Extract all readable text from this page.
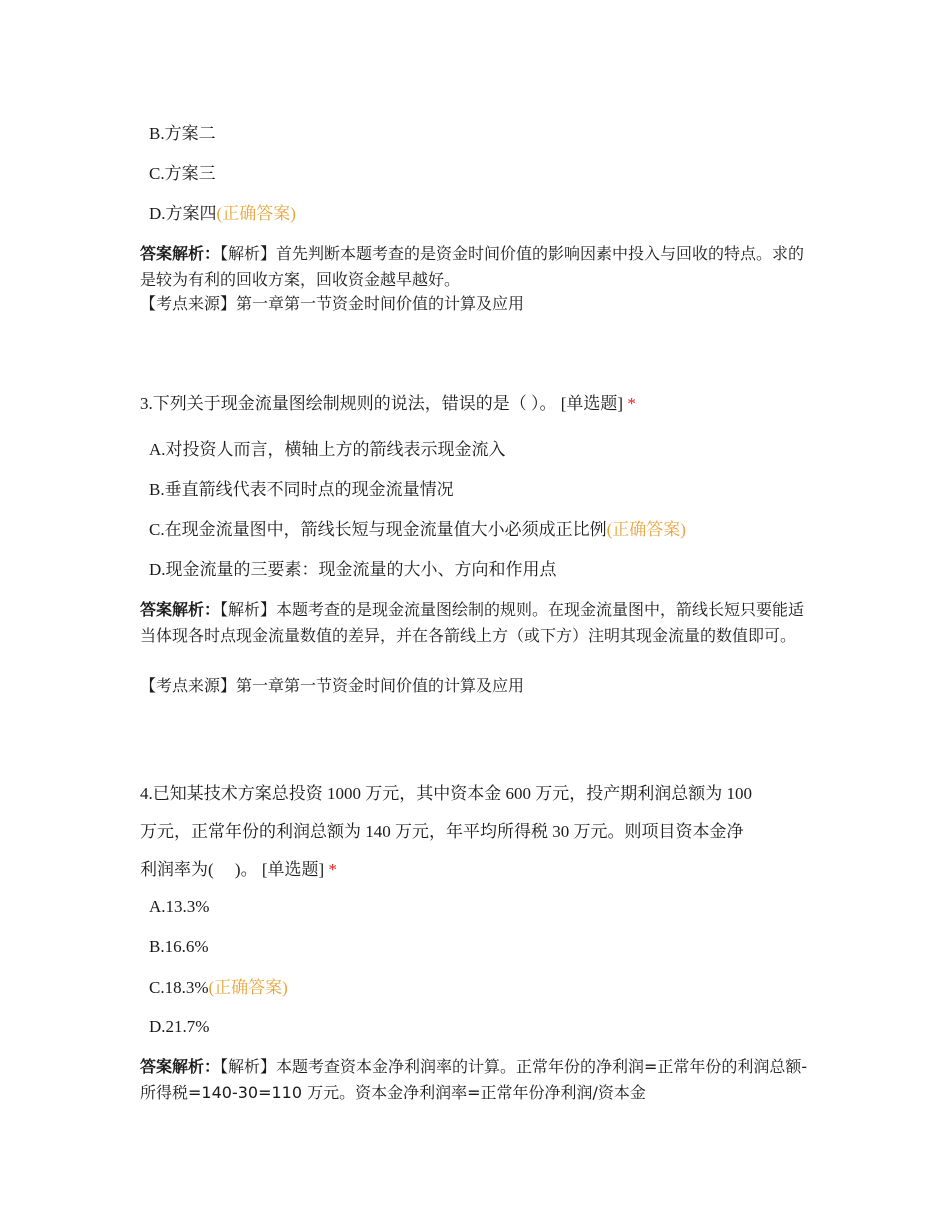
B.方案二
C.方案三
D.方案四(正确答案)
答案解析：【解析】首先判断本题考查的是资金时间价值的影响因素中投入与回收的特点。求的是较为有利的回收方案，回收资金越早越好。
【考点来源】第一章第一节资金时间价值的计算及应用
3.下列关于现金流量图绘制规则的说法，错误的是（ ）。 [单选题] *
A.对投资人而言，横轴上方的箭线表示现金流入
B.垂直箭线代表不同时点的现金流量情况
C.在现金流量图中，箭线长短与现金流量值大小必须成正比例(正确答案)
D.现金流量的三要素：现金流量的大小、方向和作用点
答案解析：【解析】本题考查的是现金流量图绘制的规则。在现金流量图中，箭线长短只要能适当体现各时点现金流量数值的差异，并在各箭线上方（或下方）注明其现金流量的数值即可。
【考点来源】第一章第一节资金时间价值的计算及应用
4.已知某技术方案总投资 1000 万元，其中资本金 600 万元，投产期利润总额为 100
万元，正常年份的利润总额为 140 万元，年平均所得税 30 万元。则项目资本金净
利润率为(　 )。 [单选题] *
A.13.3%
B.16.6%
C.18.3%(正确答案)
D.21.7%
答案解析：【解析】本题考查资本金净利润率的计算。正常年份的净利润=正常年份的利润总额-所得税=140-30=110 万元。资本金净利润率=正常年份净利润/资本金
